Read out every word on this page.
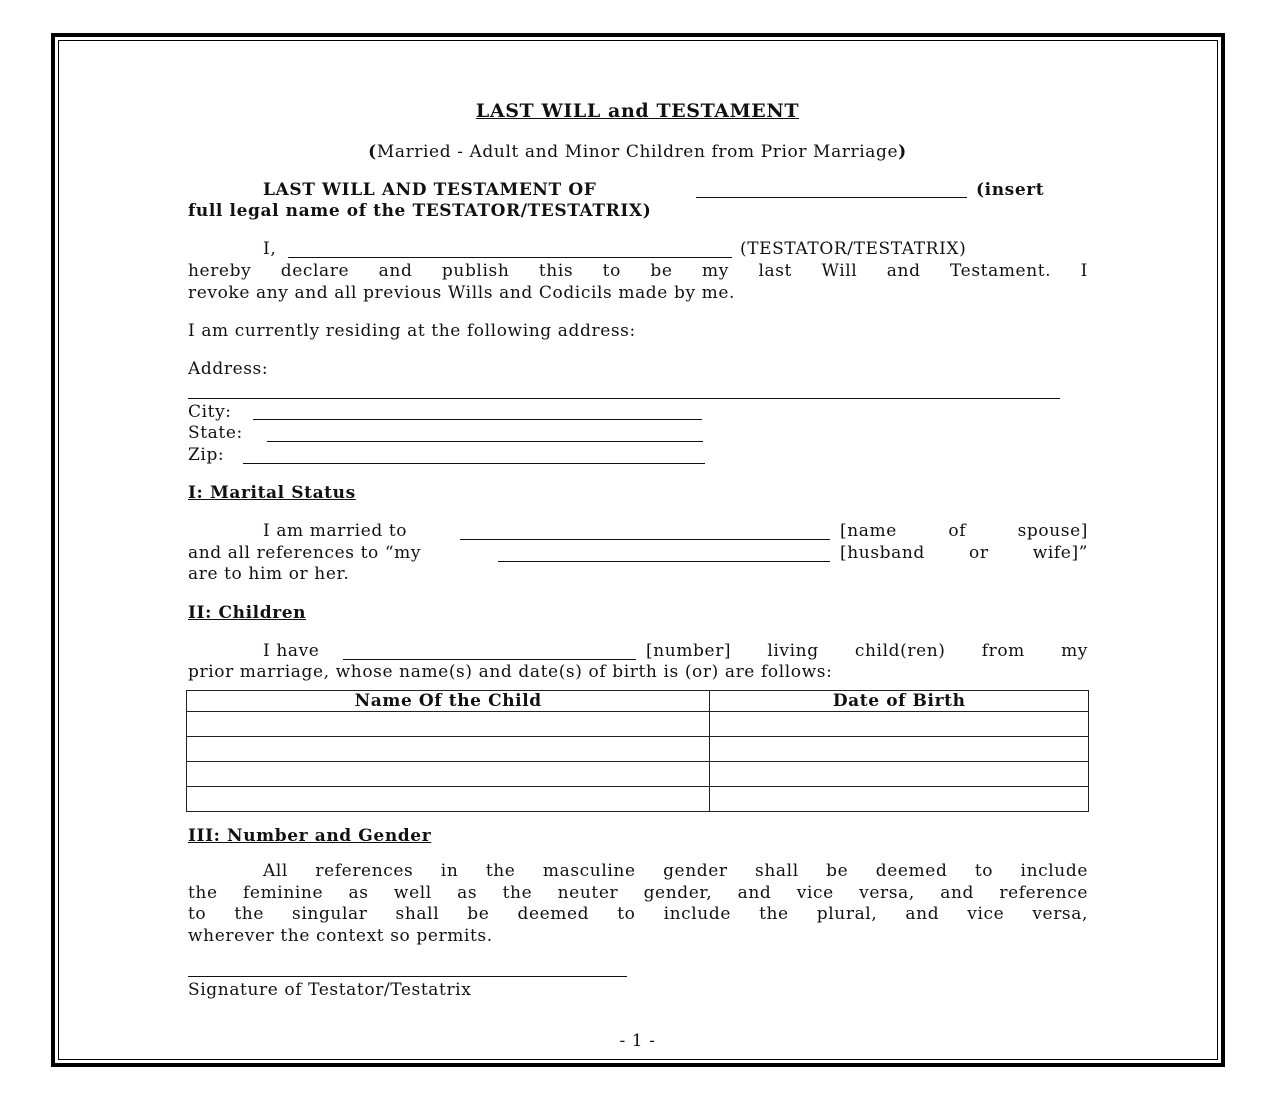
LAST WILL and TESTAMENT
(Married - Adult and Minor Children from Prior Marriage)
LAST WILL AND TESTAMENT OF	(insert
full legal name of the TESTATOR/TESTATRIX)
I,	(TESTATOR/TESTATRIX)
hereby declare and publish this to be my last Will and Testament. I
revoke any and all previous Wills and Codicils made by me.
I am currently residing at the following address:
Address:
City:
State:
Zip:
I: Marital Status
I am married to	[name of spouse]
and all references to “my	[husband or wife]”
are to him or her.
II: Children
I have	[number] living child(ren) from my
prior marriage, whose name(s) and date(s) of birth is (or) are follows:
Name Of the Child	Date of Birth

III: Number and Gender
All references in the masculine gender shall be deemed to include
the feminine as well as the neuter gender, and vice versa, and reference
to the singular shall be deemed to include the plural, and vice versa,
wherever the context so permits.
Signature of Testator/Testatrix
- 1 -
